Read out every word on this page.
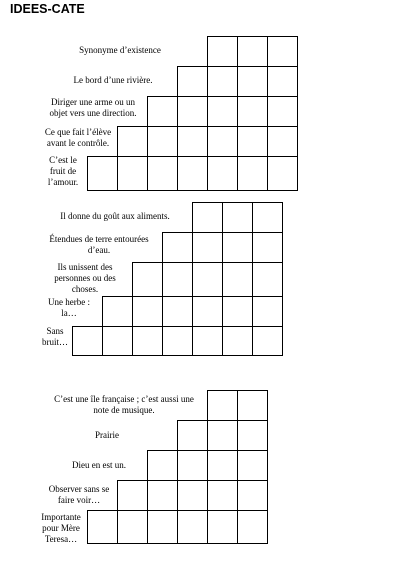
IDEES-CATE
Synonyme d’existence
Le bord d’une rivière.
Diriger une arme ou un
objet vers une direction.
Ce que fait l’élève
avant le contrôle.
C’est le
fruit de
l’amour.
Il donne du goût aux aliments.
Étendues de terre entourées
d’eau.
Ils unissent des
personnes ou des
choses.
Une herbe :
la…
Sans
bruit…
C’est une île française ; c’est aussi une
note de musique.
Prairie
Dieu en est un.
Observer sans se
faire voir…
Importante
pour Mère
Teresa…
